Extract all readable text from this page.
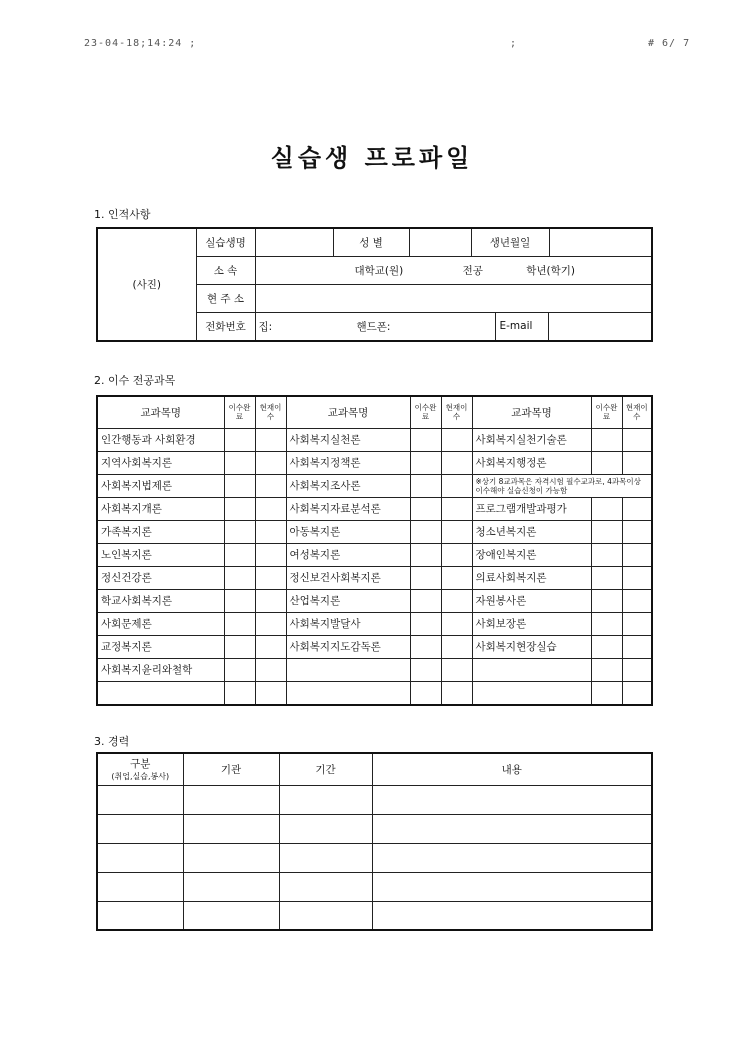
23-04-18;14:24 ;	;	# 6/ 7
실습생 프로파일
1. 인적사항
(사진)	실습생명		성 별		생년월일	
	소 속	대학교(원) 전공 학년(학기)				
	현 주 소					
	전화번호	집: 핸드폰: E-mail				
2. 이수 전공과목
교과목명	이수완료	현재이수	교과목명	이수완료	현재이수	교과목명	이수완료	현재이수
인간행동과 사회환경			사회복지실천론			사회복지실천기술론		
지역사회복지론			사회복지정책론			사회복지행정론		
사회복지법제론			사회복지조사론			※상기 8교과목은 자격시험 필수교과로, 4과목이상 이수해야 실습신청이 가능함		
사회복지개론			사회복지자료분석론			프로그램개발과평가		
가족복지론			아동복지론			청소년복지론		
노인복지론			여성복지론			장애인복지론		
정신건강론			정신보건사회복지론			의료사회복지론		
학교사회복지론			산업복지론			자원봉사론		
사회문제론			사회복지발달사			사회보장론		
교정복지론			사회복지지도감독론			사회복지현장실습		
사회복지윤리와철학								

3. 경력
구분
(취업,실습,봉사)	기관	기간	내용
